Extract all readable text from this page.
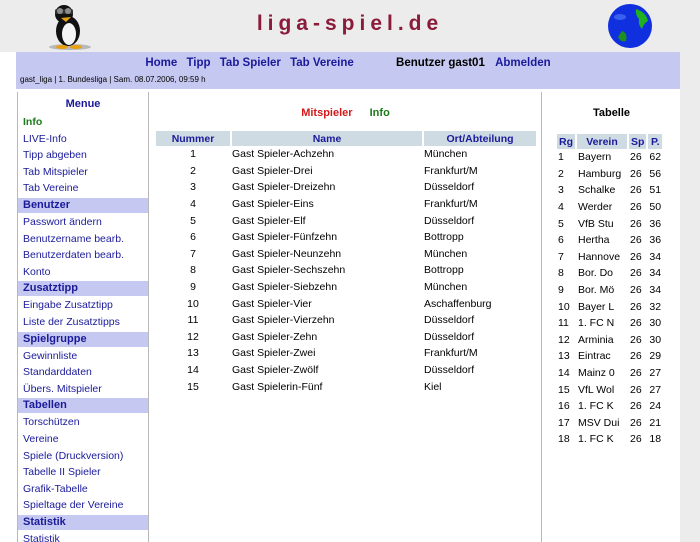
liga-spiel.de
Home Tipp Tab Spieler Tab Vereine	Benutzer gast01 Abmelden
gast_liga | 1. Bundesliga | Sam. 08.07.2006, 09:59 h
Menue
Info
LIVE-Info
Tipp abgeben
Tab Mitspieler
Tab Vereine
Benutzer
Passwort ändern
Benutzername bearb.
Benutzerdaten bearb.
Konto
Zusatztipp
Eingabe Zusatztipp
Liste der Zusatztipps
Spielgruppe
Gewinnliste
Standarddaten
Übers. Mitspieler
Tabellen
Torschützen
Vereine
Spiele (Druckversion)
Tabelle II Spieler
Grafik-Tabelle
Spieltage der Vereine
Statistik
Statistik
Mitspieler Info
Nummer	Name	Ort/Abteilung
1	Gast Spieler-Achzehn	München
2	Gast Spieler-Drei	Frankfurt/M
3	Gast Spieler-Dreizehn	Düsseldorf
4	Gast Spieler-Eins	Frankfurt/M
5	Gast Spieler-Elf	Düsseldorf
6	Gast Spieler-Fünfzehn	Bottropp
7	Gast Spieler-Neunzehn	München
8	Gast Spieler-Sechszehn	Bottropp
9	Gast Spieler-Siebzehn	München
10	Gast Spieler-Vier	Aschaffenburg
11	Gast Spieler-Vierzehn	Düsseldorf
12	Gast Spieler-Zehn	Düsseldorf
13	Gast Spieler-Zwei	Frankfurt/M
14	Gast Spieler-Zwölf	Düsseldorf
15	Gast Spielerin-Fünf	Kiel
Tabelle
Rg	Verein	Sp	P.
1	Bayern	26	62
2	Hamburg	26	56
3	Schalke	26	51
4	Werder	26	50
5	VfB Stu	26	36
6	Hertha	26	36
7	Hannove	26	34
8	Bor. Do	26	34
9	Bor. Mö	26	34
10	Bayer L	26	32
11	1. FC N	26	30
12	Arminia	26	30
13	Eintrac	26	29
14	Mainz 0	26	27
15	VfL Wol	26	27
16	1. FC K	26	24
17	MSV Dui	26	21
18	1. FC K	26	18
